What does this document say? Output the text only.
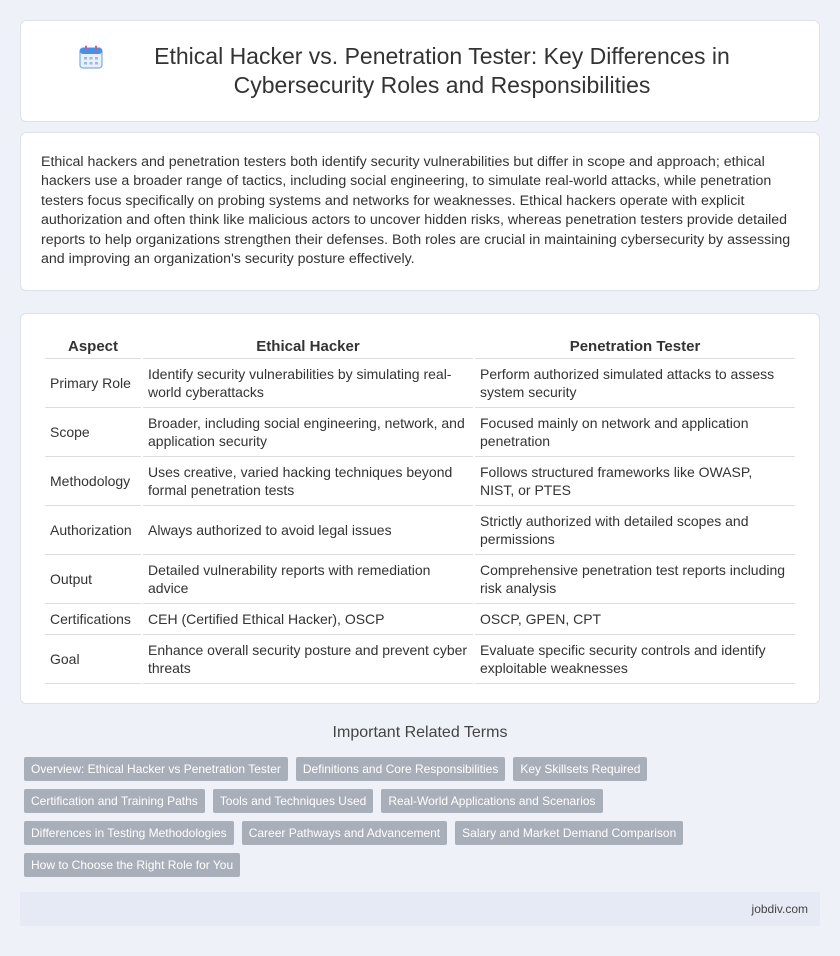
Ethical Hacker vs. Penetration Tester: Key Differences in Cybersecurity Roles and Responsibilities

Ethical hackers and penetration testers both identify security vulnerabilities but differ in scope and approach; ethical hackers use a broader range of tactics, including social engineering, to simulate real-world attacks, while penetration testers focus specifically on probing systems and networks for weaknesses. Ethical hackers operate with explicit authorization and often think like malicious actors to uncover hidden risks, whereas penetration testers provide detailed reports to help organizations strengthen their defenses. Both roles are crucial in maintaining cybersecurity by assessing and improving an organization's security posture effectively.

Aspect	Ethical Hacker	Penetration Tester
Primary Role	Identify security vulnerabilities by simulating real-world cyberattacks	Perform authorized simulated attacks to assess system security
Scope	Broader, including social engineering, network, and application security	Focused mainly on network and application penetration
Methodology	Uses creative, varied hacking techniques beyond formal penetration tests	Follows structured frameworks like OWASP, NIST, or PTES
Authorization	Always authorized to avoid legal issues	Strictly authorized with detailed scopes and permissions
Output	Detailed vulnerability reports with remediation advice	Comprehensive penetration test reports including risk analysis
Certifications	CEH (Certified Ethical Hacker), OSCP	OSCP, GPEN, CPT
Goal	Enhance overall security posture and prevent cyber threats	Evaluate specific security controls and identify exploitable weaknesses
Important Related Terms
Overview: Ethical Hacker vs Penetration Tester	Definitions and Core Responsibilities	Key Skillsets Required
Certification and Training Paths	Tools and Techniques Used	Real-World Applications and Scenarios
Differences in Testing Methodologies	Career Pathways and Advancement	Salary and Market Demand Comparison
How to Choose the Right Role for You
jobdiv.com
